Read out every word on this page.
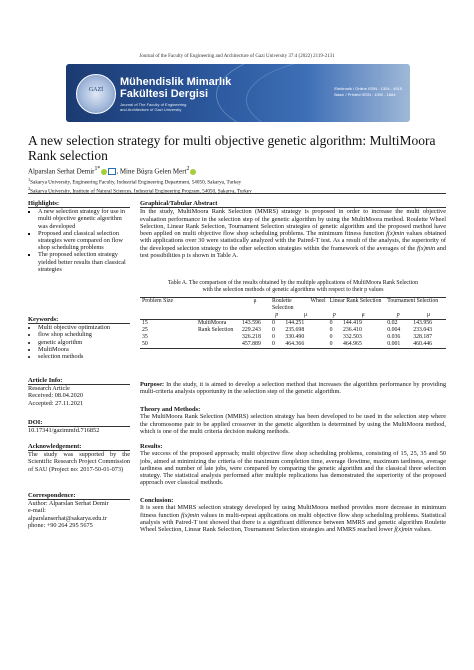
Journal of the Faculty of Engineering and Architecture of Gazi University 37:4 (2022) 2119-2131
GAZİ
Mühendislik Mimarlık
Fakültesi Dergisi
Journal of The Faculty of Engineering
and Architecture of Gazi University
Elektronik / Online ISSN : 1304 - 4915
Basılı / Printed ISSN : 1300 - 1884
A new selection strategy for multi objective genetic algorithm: MultiMoora Rank selection
Alparslan Serhat Demir$^{1*}$ , Mine Büşra Gelen Mert$^2$
$^1$Sakarya University, Engineering Faculty, Industrial Engineering Department, 54050, Sakarya, Turkey
$^2$Sakarya University, Institute of Natural Sciences, Industrial Engineering Program, 54050, Sakarya, Turkey
Highlights:
▪ A new selection strategy for use in multi objective genetic algorithm was developed
▪ Proposed and classical selection strategies were compared on flow shop scheduling problems
▪ The proposed selection strategy yielded better results than classical strategies
Keywords:
• Multi objective optimization
• flow shop scheduling
• genetic algorithm
• MultiMoora
• selection methods
Article Info:
Research Article
Received: 08.04.2020
Accepted: 27.11.2021
DOI:
10.17341/gazimmfd.716852
Acknowledgement:
The study was supported by the Scientific Research Project Commission of SAU (Project no: 2017-50-01-073)
Correspondence:
Author: Alparslan Serhat Demir
e-mail:
alparslanserhat@sakarya.edu.tr
phone: +90 264 295 5675
Graphical/Tabular Abstract

In the study, MultiMoora Rank Selection (MMRS) strategy is proposed in order to increase the multi objective evaluation performance in the selection step of the genetic algorithm by using the MultiMoora method. Roulette Wheel Selection, Linear Rank Selection, Tournament Selection strategies of genetic algorithm and the proposed method have been applied on multi objective flow shop scheduling problems. The minimum fitness function f(x)min values obtained with applications over 30 were statistically analyzed with the Paired-T test. As a result of the analysis, the superiority of the developed selection strategy to the other selection strategies within the framework of the averages of the f(x)min and test possibilities p is shown in Table A.

Table A. The comparison of the results obtained by the multiple applications of MultiMoora Rank Selection with the selection methods of genetic algorithms with respect to their p values
Problem Size		μ	Roulette Wheel Selection		Linear Rank Selection		Tournament Selection	
			p	μ	p	μ	p	μ
15	MultiMoora Rank Selection	143.596	0	144.251	0	144.419	0.02	143.956
25		229.243	0	235.698	0	236.410	0.004	233.043
35		326.218	0	330.490	0	332.503	0.036	328.187
50		457.889	0	464.366	0	464.965	0.001	460.446

Purpose: In the study, it is aimed to develop a selection method that increases the algorithm performance by providing multi-criteria analysis opportunity in the selection step of the genetic algorithm.

Theory and Methods:

The MultiMoora Rank Selection (MMRS) selection strategy has been developed to be used in the selection step where the chromosome pair to be applied crossover in the genetic algorithm is determined by using the MultiMoora method, which is one of the multi criteria decision making methods.

Results:

The success of the proposed approach; multi objective flow shop scheduling problems, consisting of 15, 25, 35 and 50 jobs, aimed at minimizing the criteria of the maximum completion time, average flowtime, maximum tardiness, average tardiness and number of late jobs, were compared by comparing the genetic algorithm and the classical three selection strategy. The statistical analysis performed after multiple replications has demonstrated the superiority of the proposed approach over classical methods.

Conclusion:

It is seen that MMRS selection strategy developed by using MultiMoora method provides more decrease in minimum fitness function f(x)min values in multi-repeat applications on multi objective flow shop scheduling problems. Statistical analysis with Paired-T test showed that there is a significant difference between MMRS and genetic algorithm Roulette Wheel Selection, Linear Rank Selection, Tournament Selection strategies and MMRS reached lower f(x)min values.
